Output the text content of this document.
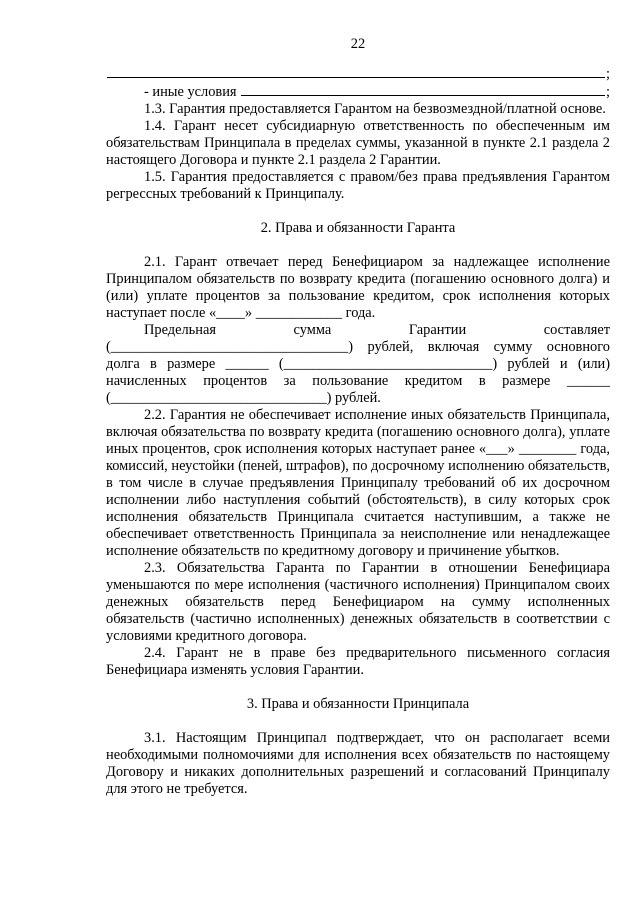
22
;
- иные условия
	;

1.3. Гарантия предоставляется Гарантом на безвозмездной/платной основе.

1.4. Гарант несет субсидиарную ответственность по обеспеченным им обязательствам Принципала в пределах суммы, указанной в пункте 2.1 раздела 2 настоящего Договора и пункте 2.1 раздела 2 Гарантии.

1.5. Гарантия предоставляется с правом/без права предъявления Гарантом регрессных требований к Принципалу.

2. Права и обязанности Гаранта

2.1. Гарант отвечает перед Бенефициаром за надлежащее исполнение Принципалом обязательств по возврату кредита (погашению основного долга) и (или) уплате процентов за пользование кредитом, срок исполнения которых наступает после «____» ____________ года.

Предельная сумма Гарантии составляет

(_________________________________) рублей, включая сумму основного

долга в размере ______ (_____________________________) рублей и (или)

начисленных процентов за пользование кредитом в размере ______

(______________________________) рублей.

2.2. Гарантия не обеспечивает исполнение иных обязательств Принципала, включая обязательства по возврату кредита (погашению основного долга), уплате иных процентов, срок исполнения которых наступает ранее «___» ________ года, комиссий, неустойки (пеней, штрафов), по досрочному исполнению обязательств, в том числе в случае предъявления Принципалу требований об их досрочном исполнении либо наступления событий (обстоятельств), в силу которых срок исполнения обязательств Принципала считается наступившим, а также не обеспечивает ответственность Принципала за неисполнение или ненадлежащее исполнение обязательств по кредитному договору и причинение убытков.

2.3. Обязательства Гаранта по Гарантии в отношении Бенефициара уменьшаются по мере исполнения (частичного исполнения) Принципалом своих денежных обязательств перед Бенефициаром на сумму исполненных обязательств (частично исполненных) денежных обязательств в соответствии с условиями кредитного договора.

2.4. Гарант не в праве без предварительного письменного согласия Бенефициара изменять условия Гарантии.

3. Права и обязанности Принципала

3.1. Настоящим Принципал подтверждает, что он располагает всеми необходимыми полномочиями для исполнения всех обязательств по настоящему Договору и никаких дополнительных разрешений и согласований Принципалу для этого не требуется.
